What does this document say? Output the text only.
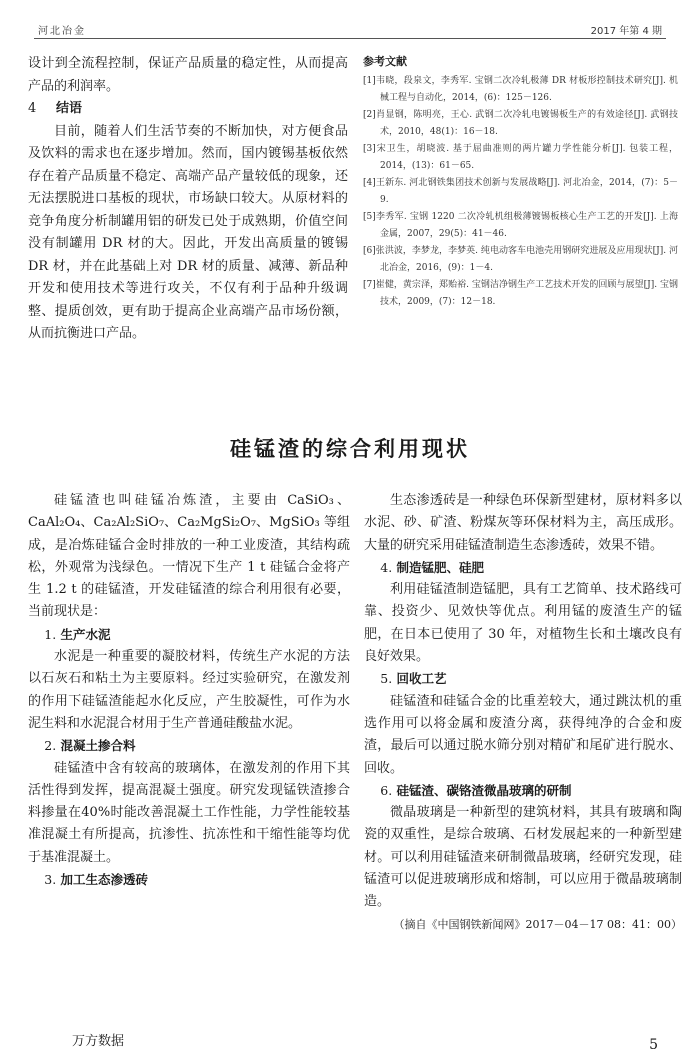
河北冶金	2017 年第 4 期

设计到全流程控制，保证产品质量的稳定性，从而提高产品的利润率。

4 结语

目前，随着人们生活节奏的不断加快，对方便食品及饮料的需求也在逐步增加。然而，国内镀锡基板依然存在着产品质量不稳定、高端产品产量较低的现象，还无法摆脱进口基板的现状，市场缺口较大。从原材料的竞争角度分析制罐用铝的研发已处于成熟期，价值空间没有制罐用 DR 材的大。因此，开发出高质量的镀锡 DR 材，并在此基础上对 DR 材的质量、减薄、新品种开发和使用技术等进行攻关，不仅有利于品种升级调整、提质创效，更有助于提高企业高端产品市场份额，从而抗衡进口产品。

参考文献

[1]韦晓，段泉文，李秀军. 宝钢二次冷轧极薄 DR 材板形控制技术研究[J]. 机械工程与自动化，2014，(6)：125－126.

[2]肖显钢，陈明亮，王心. 武钢二次冷轧电镀锡板生产的有效途径[J]. 武钢技术，2010，48(1)：16－18.

[3]宋卫生，胡晓波. 基于屈曲准则的两片罐力学性能分析[J]. 包装工程，2014，(13)：61－65.

[4]王新东. 河北钢铁集团技术创新与发展战略[J]. 河北冶金，2014，(7)：5－9.

[5]李秀军. 宝钢 1220 二次冷轧机组极薄镀锡板核心生产工艺的开发[J]. 上海金属，2007，29(5)：41－46.

[6]张洪波，李梦龙，李梦英. 纯电动客车电池壳用钢研究进展及应用现状[J]. 河北冶金，2016，(9)：1－4.

[7]崔健，黄宗泽，郑贻裕. 宝钢洁净钢生产工艺技术开发的回顾与展望[J]. 宝钢技术，2009，(7)：12－18.

硅锰渣的综合利用现状

硅锰渣也叫硅锰冶炼渣，主要由 CaSiO₃、CaAl₂O₄、Ca₂Al₂SiO₇、Ca₂MgSi₂O₇、MgSiO₃ 等组成，是冶炼硅锰合金时排放的一种工业废渣，其结构疏松，外观常为浅绿色。一情况下生产 1 t 硅锰合金将产生 1.2 t 的硅锰渣，开发硅锰渣的综合利用很有必要，当前现状是：

1. 生产水泥

水泥是一种重要的凝胶材料，传统生产水泥的方法以石灰石和粘土为主要原料。经过实验研究，在激发剂的作用下硅锰渣能起水化反应，产生胶凝性，可作为水泥生料和水泥混合材用于生产普通硅酸盐水泥。

2. 混凝土掺合料

硅锰渣中含有较高的玻璃体，在激发剂的作用下其活性得到发挥，提高混凝土强度。研究发现锰铁渣掺合料掺量在40%时能改善混凝土工作性能，力学性能较基准混凝土有所提高，抗渗性、抗冻性和干缩性能等均优于基准混凝土。

3. 加工生态渗透砖

生态渗透砖是一种绿色环保新型建材，原材料多以水泥、砂、矿渣、粉煤灰等环保材料为主，高压成形。大量的研究采用硅锰渣制造生态渗透砖，效果不错。

4. 制造锰肥、硅肥

利用硅锰渣制造锰肥，具有工艺简单、技术路线可靠、投资少、见效快等优点。利用锰的废渣生产的锰肥，在日本已使用了 30 年，对植物生长和土壤改良有良好效果。

5. 回收工艺

硅锰渣和硅锰合金的比重差较大，通过跳汰机的重选作用可以将金属和废渣分离，获得纯净的合金和废渣，最后可以通过脱水筛分别对精矿和尾矿进行脱水、回收。

6. 硅锰渣、碳铬渣微晶玻璃的研制

微晶玻璃是一种新型的建筑材料，其具有玻璃和陶瓷的双重性，是综合玻璃、石材发展起来的一种新型建材。可以利用硅锰渣来研制微晶玻璃，经研究发现，硅锰渣可以促进玻璃形成和熔制，可以应用于微晶玻璃制造。

（摘自《中国钢铁新闻网》2017－04－17 08：41：00）

万方数据	5
